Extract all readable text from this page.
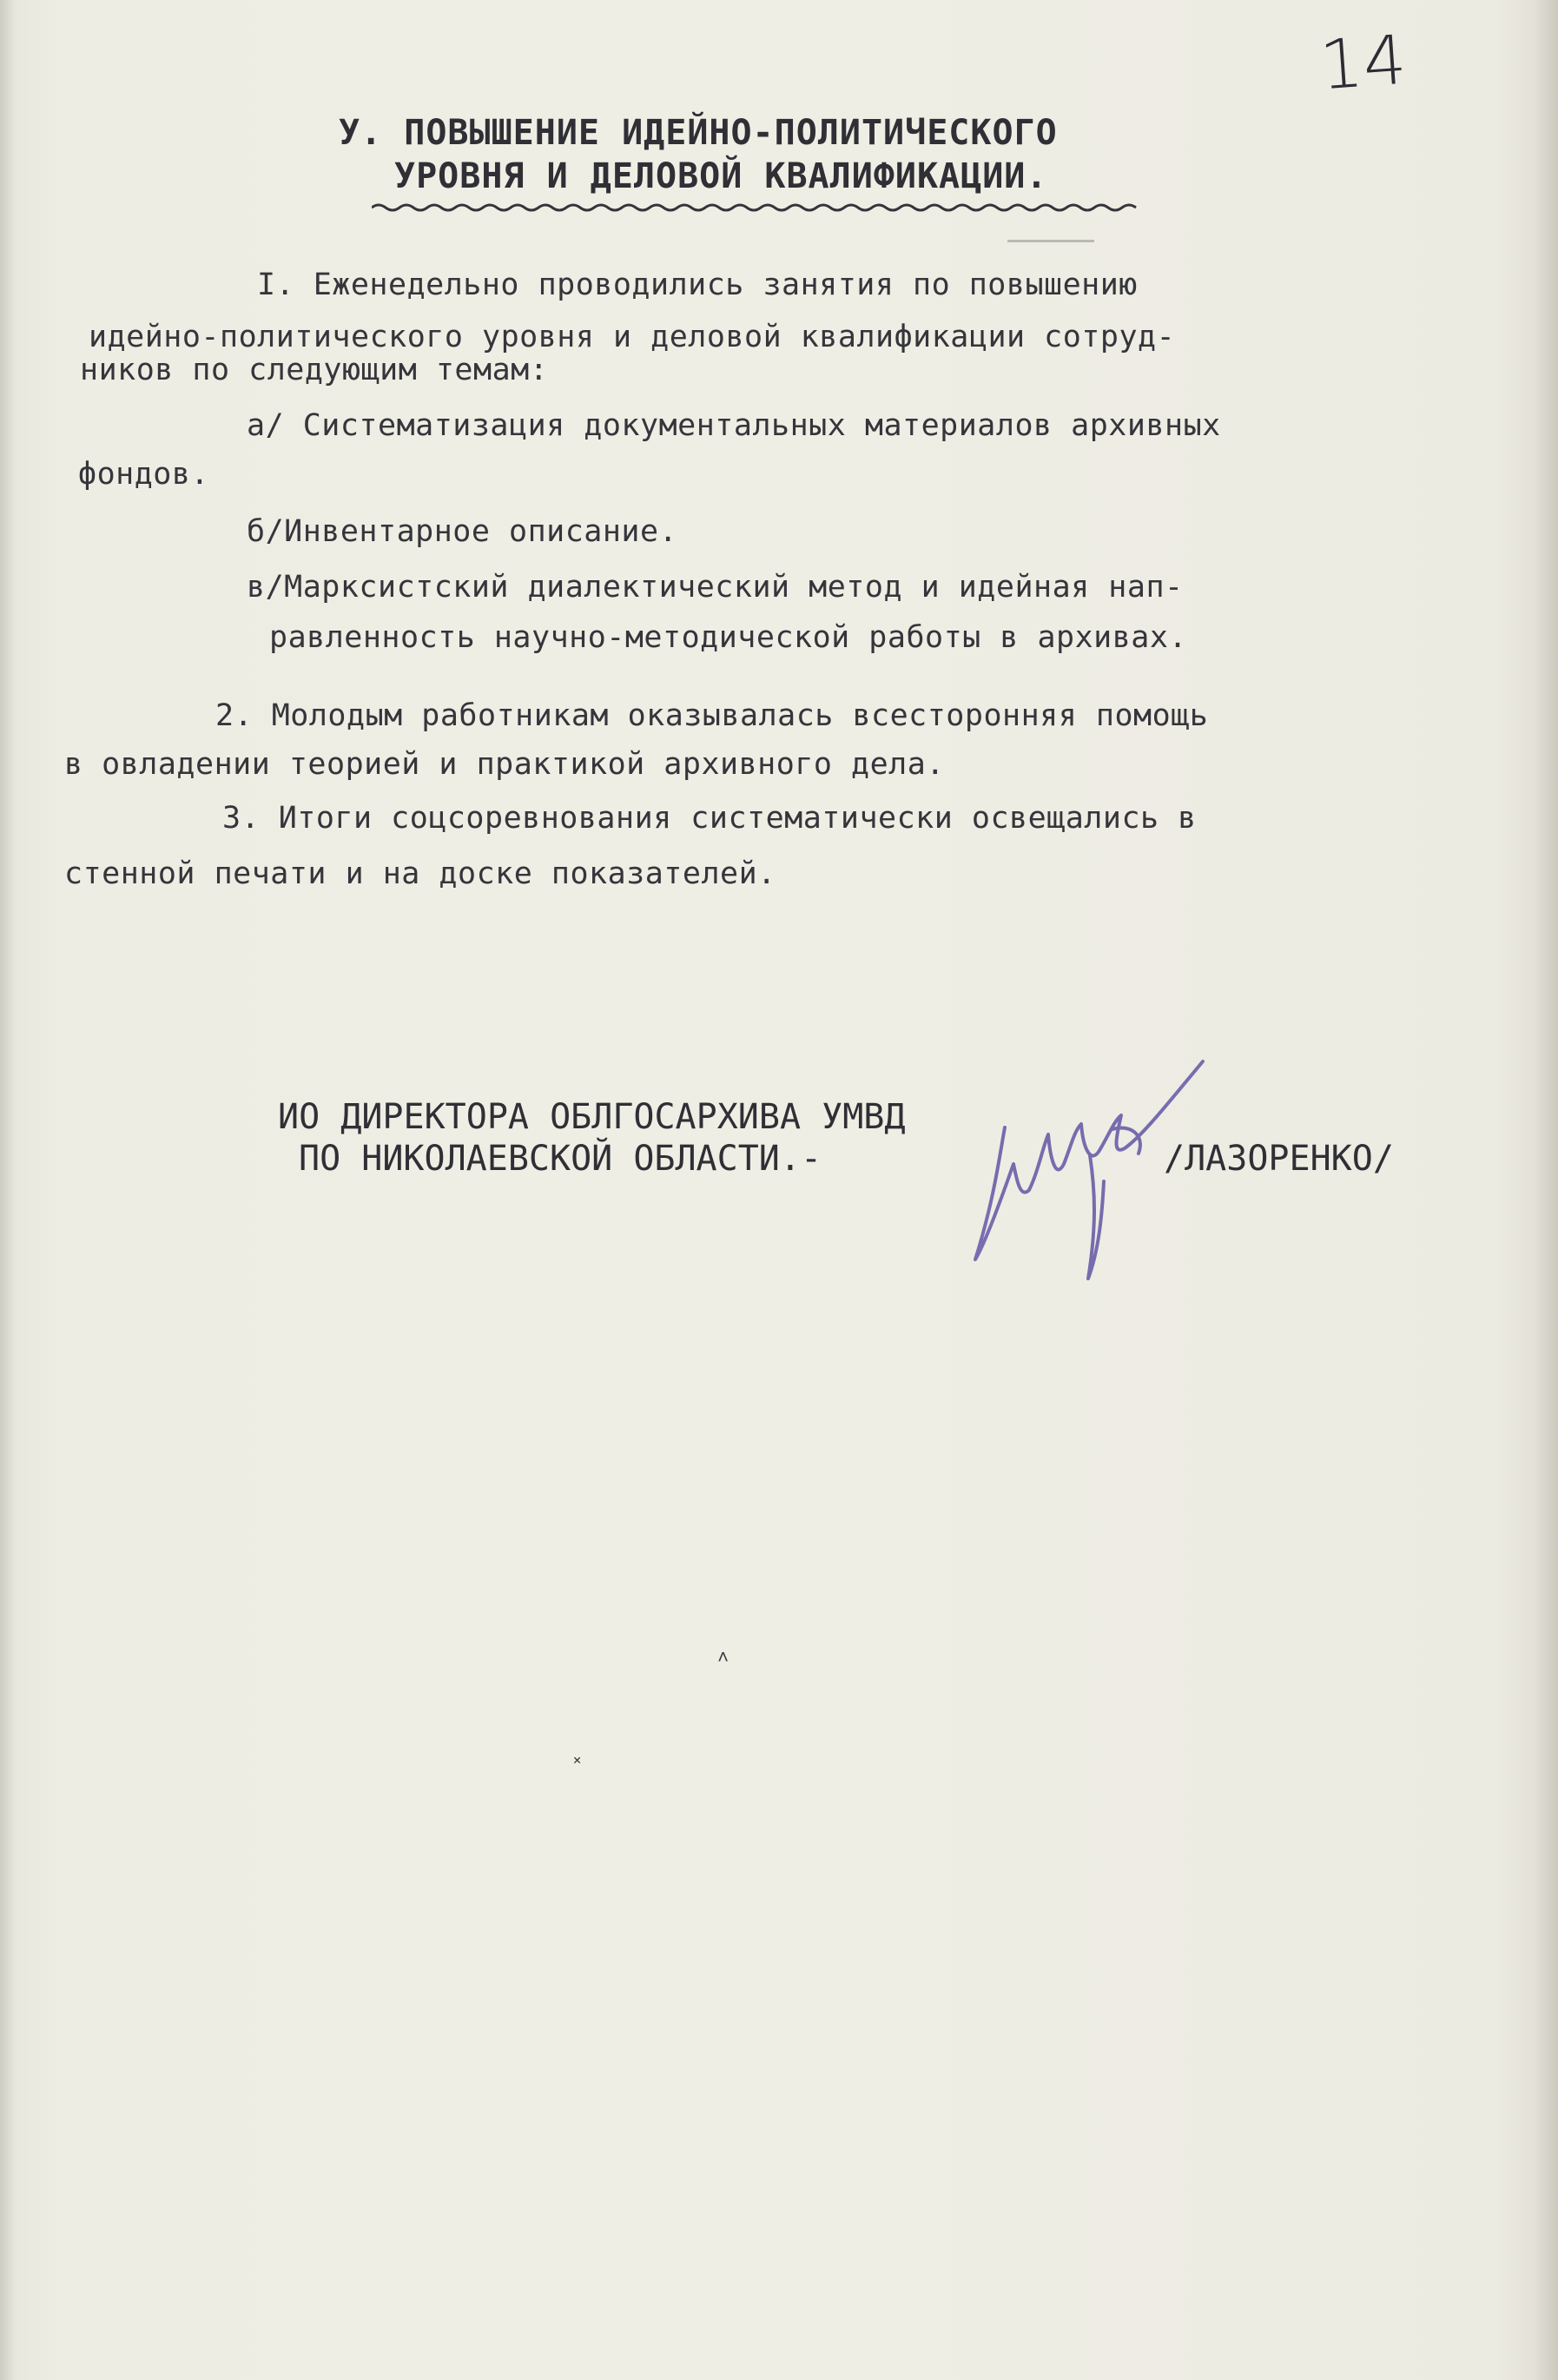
14
У. ПОВЫШЕНИЕ ИДЕЙНО-ПОЛИТИЧЕСКОГО
УРОВНЯ И ДЕЛОВОЙ КВАЛИФИКАЦИИ.
I. Еженедельно проводились занятия по повышению
идейно-политического уровня и деловой квалификации сотруд-
ников по следующим темам:
а/ Систематизация документальных материалов архивных
фондов.
б/Инвентарное описание.
в/Марксистский диалектический метод и идейная нап-
равленность научно-методической работы в архивах.
2. Молодым работникам оказывалась всесторонняя помощь
в овладении теорией и практикой архивного дела.
3. Итоги соцсоревнования систематически освещались в
стенной печати и на доске показателей.
ИО ДИРЕКТОРА ОБЛГОСАРХИВА УМВД
ПО НИКОЛАЕВСКОЙ ОБЛАСТИ.-	/ЛАЗОРЕНКО/
˄
˟
